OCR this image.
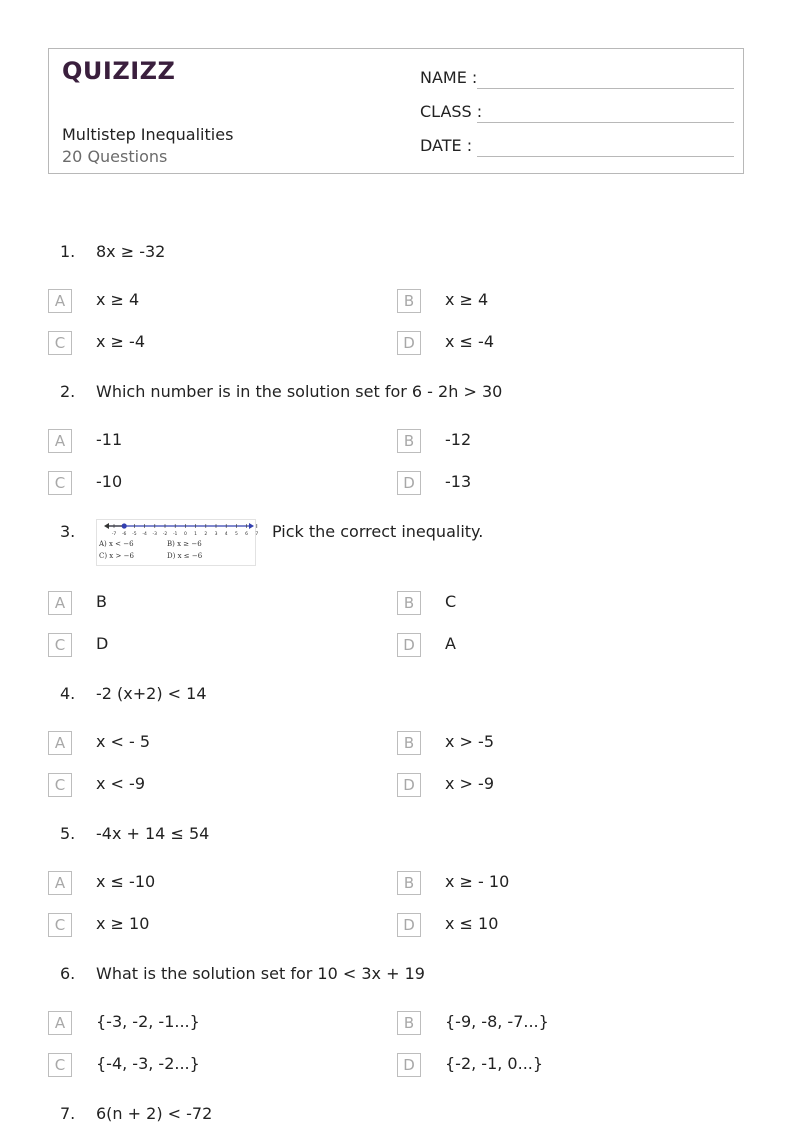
QUIZIZZ
Multistep Inequalities
20 Questions
NAME :
CLASS :
DATE :
1. 8x ≥ -32
A	x ≥ 4	B	x ≥ 4
C	x ≥ -4	D	x ≤ -4
2. Which number is in the solution set for 6 - 2h > 30
A	-11	B	-12
C	-10	D	-13
3.	-7 -6 -5 -4 -3 -2 -1 0 1 2 3 4 5 6 7
A) x < −6	B) x ≥ −6
C) x > −6	D) x ≤ −6
Pick the correct inequality.
A	B	B	C
C	D	D	A
4. -2 (x+2) < 14
A	x < - 5	B	x > -5
C	x < -9	D	x > -9
5. -4x + 14 ≤ 54
A	x ≤ -10	B	x ≥ - 10
C	x ≥ 10	D	x ≤ 10
6. What is the solution set for 10 < 3x + 19
A	{-3, -2, -1...}	B	{-9, -8, -7...}
C	{-4, -3, -2...}	D	{-2, -1, 0...}
7. 6(n + 2) < -72
